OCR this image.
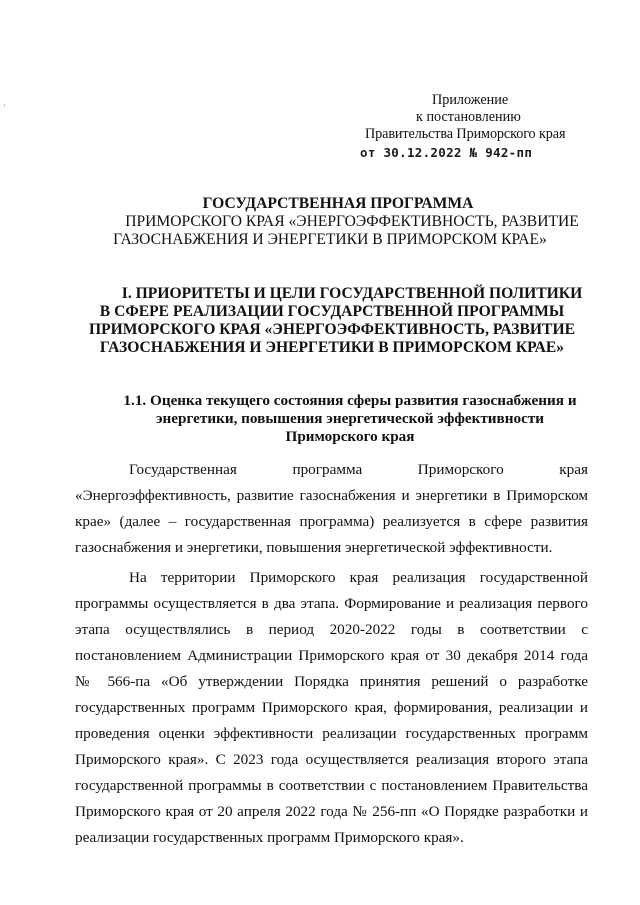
Приложение
к постановлению
Правительства Приморского края
от 30.12.2022 № 942-пп
ГОСУДАРСТВЕННАЯ ПРОГРАММА
ПРИМОРСКОГО КРАЯ «ЭНЕРГОЭФФЕКТИВНОСТЬ, РАЗВИТИЕ
ГАЗОСНАБЖЕНИЯ И ЭНЕРГЕТИКИ В ПРИМОРСКОМ КРАЕ»
I. ПРИОРИТЕТЫ И ЦЕЛИ ГОСУДАРСТВЕННОЙ ПОЛИТИКИ
В СФЕРЕ РЕАЛИЗАЦИИ ГОСУДАРСТВЕННОЙ ПРОГРАММЫ
ПРИМОРСКОГО КРАЯ «ЭНЕРГОЭФФЕКТИВНОСТЬ, РАЗВИТИЕ
ГАЗОСНАБЖЕНИЯ И ЭНЕРГЕТИКИ В ПРИМОРСКОМ КРАЕ»
1.1. Оценка текущего состояния сферы развития газоснабжения и
энергетики, повышения энергетической эффективности
Приморского края
Государственная программа Приморского края
«Энергоэффективность, развитие газоснабжения и энергетики в Приморском
крае» (далее – государственная программа) реализуется в сфере развития
газоснабжения и энергетики, повышения энергетической эффективности.
На территории Приморского края реализация государственной
программы осуществляется в два этапа. Формирование и реализация первого
этапа осуществлялись в период 2020-2022 годы в соответствии с
постановлением Администрации Приморского края от 30 декабря 2014 года
№ 566-па «Об утверждении Порядка принятия решений о разработке
государственных программ Приморского края, формирования, реализации и
проведения оценки эффективности реализации государственных программ
Приморского края». С 2023 года осуществляется реализация второго этапа
государственной программы в соответствии с постановлением Правительства
Приморского края от 20 апреля 2022 года № 256-пп «О Порядке разработки и
реализации государственных программ Приморского края».
